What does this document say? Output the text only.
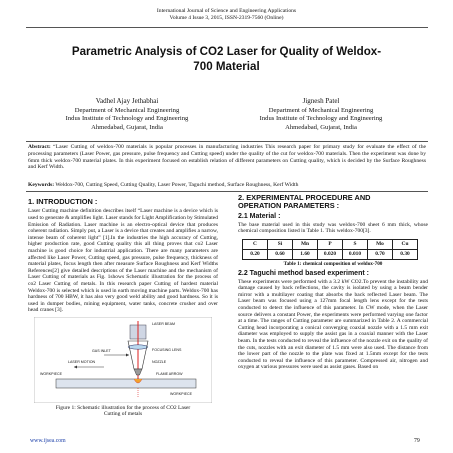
International Journal of Science and Engineering Applications
Volume 4 Issue 3, 2015, ISSN-2319-7560 (Online)
Parametric Analysis of CO2 Laser for Quality of Weldox-
700 Material
Vadhel Ajay Jethabhai
Department of Mechanical Engineering
Indus Institute of Technology and Engineering
Ahmedabad, Gujarat, India
Jignesh Patel
Department of Mechanical Engineering
Indus Institute of Technology and Engineering
Ahmedabad, Gujarat, India
Abstract: “Laser Cutting of weldox-700 materials is popular processes in manufacturing industries This research paper for primary study for evaluate the effect of the processing parameters (Laser Power, gas pressure, pulse frequency and Cutting speed) under the quality of the cut for weldox-700 materials. Then the experiment was done by 6mm thick weldox-700 material plates. In this experiment focused on establish relation of different parameters on Cutting quality, which is decided by the Surface Roughness and Kerf Width.
Keywords: Weldox-700, Cutting Speed, Cutting Quality, Laser Power, Taguchi method, Surface Roughness, Kerf Width
1. INTRODUCTION :

Laser Cutting machine definition describes itself “Laser machine is a device which is used to generate & amplifies light. Laser stands for Light Amplification by Stimulated Emission of Radiation. Laser machine is an electro-optical device that produces coherent radiation. Simply put, a Laser is a device that creates and amplifies a narrow, intense beam of coherent light” [1].In the industries the high accuracy of Cutting, higher production rate, good Cutting quality this all thing proves that co2 Laser machine is good choice for industrial application. There are many parameters are affected like Laser Power, Cutting speed, gas pressure, pulse frequency, thickness of material plates, focus length then after measure Surface Roughness and Kerf Widths References[2] give detailed descriptions of the Laser machine and the mechanism of Laser Cutting of materials as Fig. 1shows Schematic illustration for the process of co2 Laser Cutting of metals. In this research paper Cutting of hardest material Weldox-700 is selected which is used in earth moving machine parts. Weldox-700 has hardness of 700 HBW, it has also very good weld ability and good hardness. So it is used in dumper bodies, mining equipment, water tanks, concrete crusher and over head cranes [3].

LASER BEAM
FLAME ARROW
LASER MOTION
GAS INLET	FOCUSING LENS
NOZZLE
WORKPIECE
WORKPIECE
Figure 1: Schematic illustration for the process of CO2 Laser
Cutting of metals
2. EXPERIMENTAL PROCEDURE AND
OPERATION PARAMETERS :
2.1 Material :

The base material used in this study was weldox-700 sheet 6 mm thick, whose chemical composition listed in Table 1. This weldox-700[3].

C	Si	Mn	P	S	Mo	Cu
0.20	0.60	1.60	0.020	0.010	0.70	0.30
Table 1: chemical composition of weldox-700
2.2 Taguchi method based experiment :

These experiments were performed with a 3.2 kW CO2.To prevent the instability and damage caused by back reflections, the cavity is isolated by using a beam bender mirror with a multilayer coating that absorbs the back reflected Laser beam. The Laser beam was focused using a 127mm focal length lens except for the tests conducted to detect the influence of this parameter. In CW mode, when the Laser source delivers a constant Power, the experiments were performed varying one factor at a time. The ranges of Cutting parameter are summarized in Table 2. A commercial Cutting head incorporating a conical converging coaxial nozzle with a 1.5 mm exit diameter was employed to supply the assist gas in a coaxial manner with the Laser beam. In the tests conducted to reveal the influence of the nozzle exit on the quality of the cuts, nozzles with an exit diameter of 1.5 mm were also used. The distance from the lower part of the nozzle to the plate was fixed at 1.5mm except for the tests conducted to reveal the influence of this parameter. Compressed air, nitrogen and oxygen at various pressures were used as assist gases. Based on

www.ijsea.com	79
